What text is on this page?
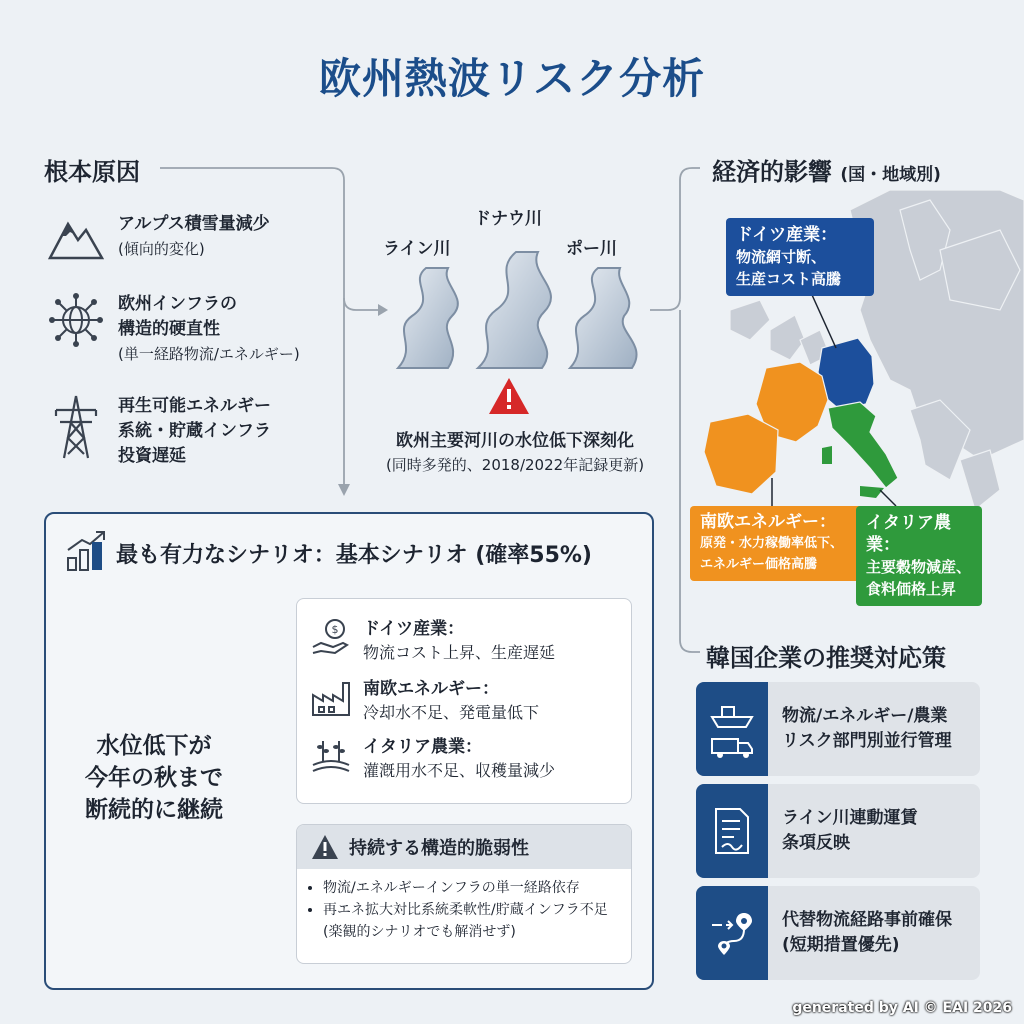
欧州熱波リスク分析
根本原因
アルプス積雪量減少
(傾向的変化)
欧州インフラの
構造的硬直性
(単一経路物流/エネルギー)
再生可能エネルギー
系統・貯蔵インフラ
投資遅延
ライン川
ドナウ川
ポー川
欧州主要河川の水位低下深刻化
(同時多発的、2018/2022年記録更新)
経済的影響 (国・地域別)
ドイツ産業：
物流網寸断、
生産コスト高騰
南欧エネルギー：
原発・水力稼働率低下、
エネルギー価格高騰
イタリア農業：
主要穀物減産、
食料価格上昇
最も有力なシナリオ：基本シナリオ (確率55%)
水位低下が
今年の秋まで
断続的に継続
$ ドイツ産業：
物流コスト上昇、生産遅延
南欧エネルギー：
冷却水不足、発電量低下
イタリア農業：
灌漑用水不足、収穫量減少
持続する構造的脆弱性
• 物流/エネルギーインフラの単一経路依存
• 再エネ拡大対比系統柔軟性/貯蔵インフラ不足
(楽観的シナリオでも解消せず)
韓国企業の推奨対応策
物流/エネルギー/農業
リスク部門別並行管理
ライン川連動運賃
条項反映
代替物流経路事前確保
(短期措置優先)
generated by AI © EAI 2026
